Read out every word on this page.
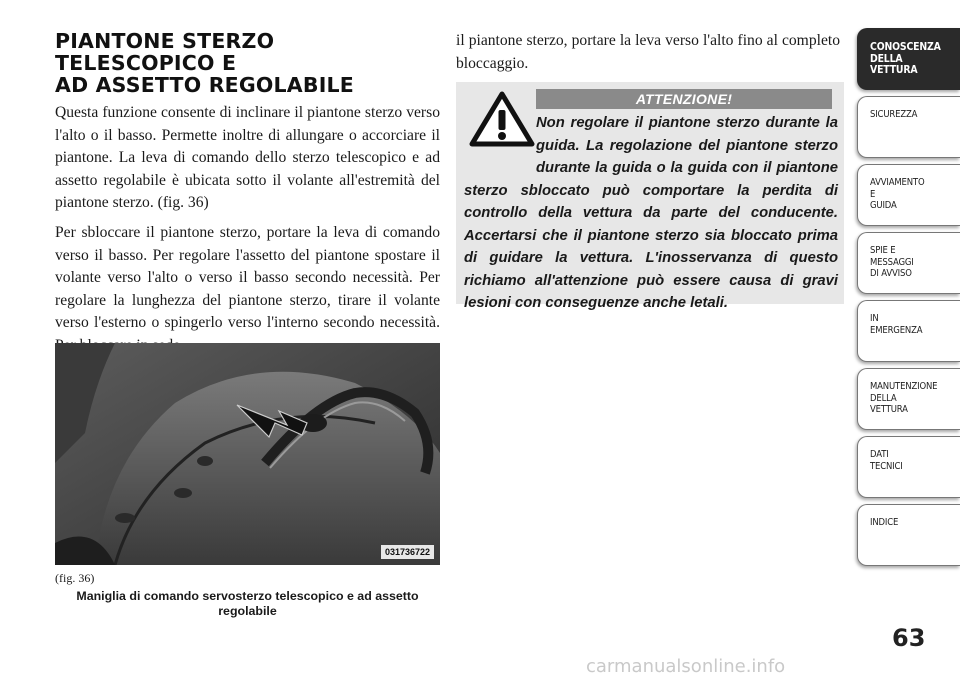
PIANTONE STERZO TELESCOPICO E
AD ASSETTO REGOLABILE

Questa funzione consente di inclinare il piantone sterzo verso l'alto o il basso. Permette inoltre di allungare o accorciare il piantone. La leva di comando dello sterzo telescopico e ad assetto regolabile è ubicata sotto il volante all'estremità del piantone sterzo. (fig. 36)

Per sbloccare il piantone sterzo, portare la leva di comando verso il basso. Per regolare l'assetto del piantone spostare il volante verso l'alto o verso il basso secondo necessità. Per regolare la lunghezza del piantone sterzo, tirare il volante verso l'esterno o spingerlo verso l'interno secondo necessità.

031736722
(fig. 36)
Maniglia di comando servosterzo telescopico e ad assetto regolabile

il piantone sterzo, portare la leva verso l'alto fino al completo bloccaggio.

ATTENZIONE!

Non regolare il piantone sterzo durante la guida. La regolazione del piantone sterzo durante la guida o la guida con il piantone sterzo sbloccato può comportare la perdita di controllo della vettura da parte del conducente. Accertarsi che il piantone sterzo sia bloccato prima di guidare la vettura. L'inosservanza di questo richiamo all'attenzione può essere causa di gravi lesioni con conseguenze anche letali.

CONOSCENZA
DELLA
VETTURA
SICUREZZA
AVVIAMENTO
E
GUIDA
SPIE E
MESSAGGI
DI AVVISO
IN
EMERGENZA
MANUTENZIONE
DELLA
VETTURA
DATI
TECNICI
INDICE
63
carmanualsonline.info
